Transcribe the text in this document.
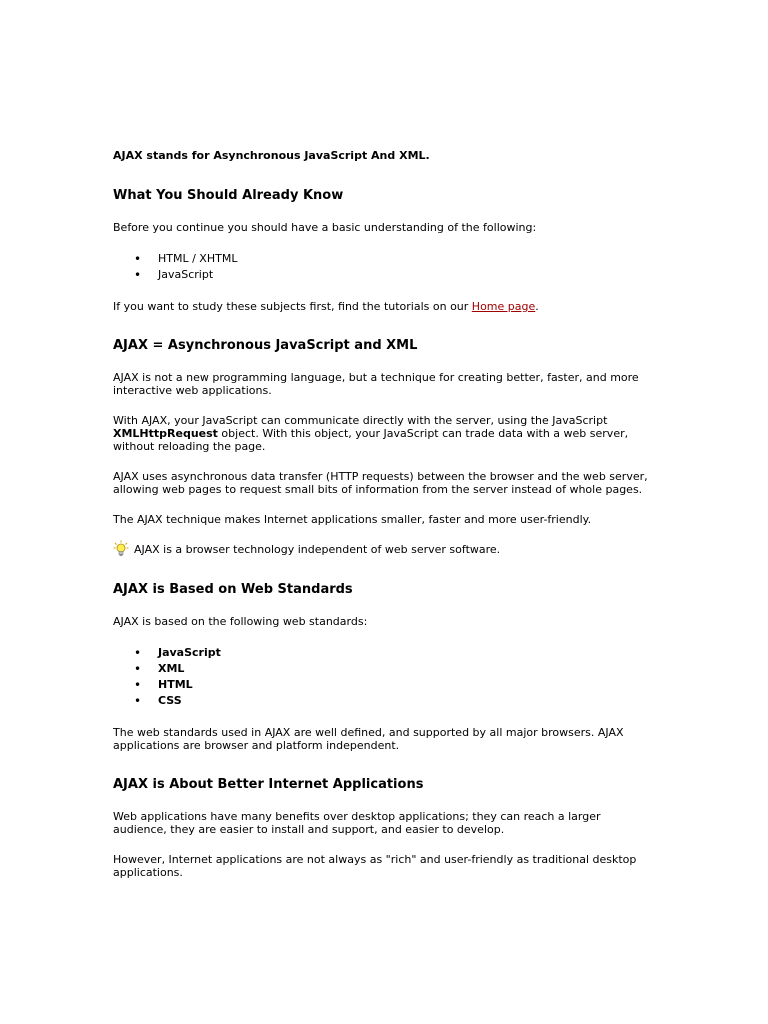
AJAX stands for Asynchronous JavaScript And XML.

What You Should Already Know

Before you continue you should have a basic understanding of the following:

• HTML / XHTML
• JavaScript

If you want to study these subjects first, find the tutorials on our Home page.

AJAX = Asynchronous JavaScript and XML

AJAX is not a new programming language, but a technique for creating better, faster, and more interactive web applications.

With AJAX, your JavaScript can communicate directly with the server, using the JavaScript XMLHttpRequest object. With this object, your JavaScript can trade data with a web server, without reloading the page.

AJAX uses asynchronous data transfer (HTTP requests) between the browser and the web server, allowing web pages to request small bits of information from the server instead of whole pages.

The AJAX technique makes Internet applications smaller, faster and more user-friendly.

AJAX is a browser technology independent of web server software.

AJAX is Based on Web Standards

AJAX is based on the following web standards:

• JavaScript
• XML
• HTML
• CSS

The web standards used in AJAX are well defined, and supported by all major browsers. AJAX applications are browser and platform independent.

AJAX is About Better Internet Applications

Web applications have many benefits over desktop applications; they can reach a larger audience, they are easier to install and support, and easier to develop.

However, Internet applications are not always as "rich" and user-friendly as traditional desktop applications.
